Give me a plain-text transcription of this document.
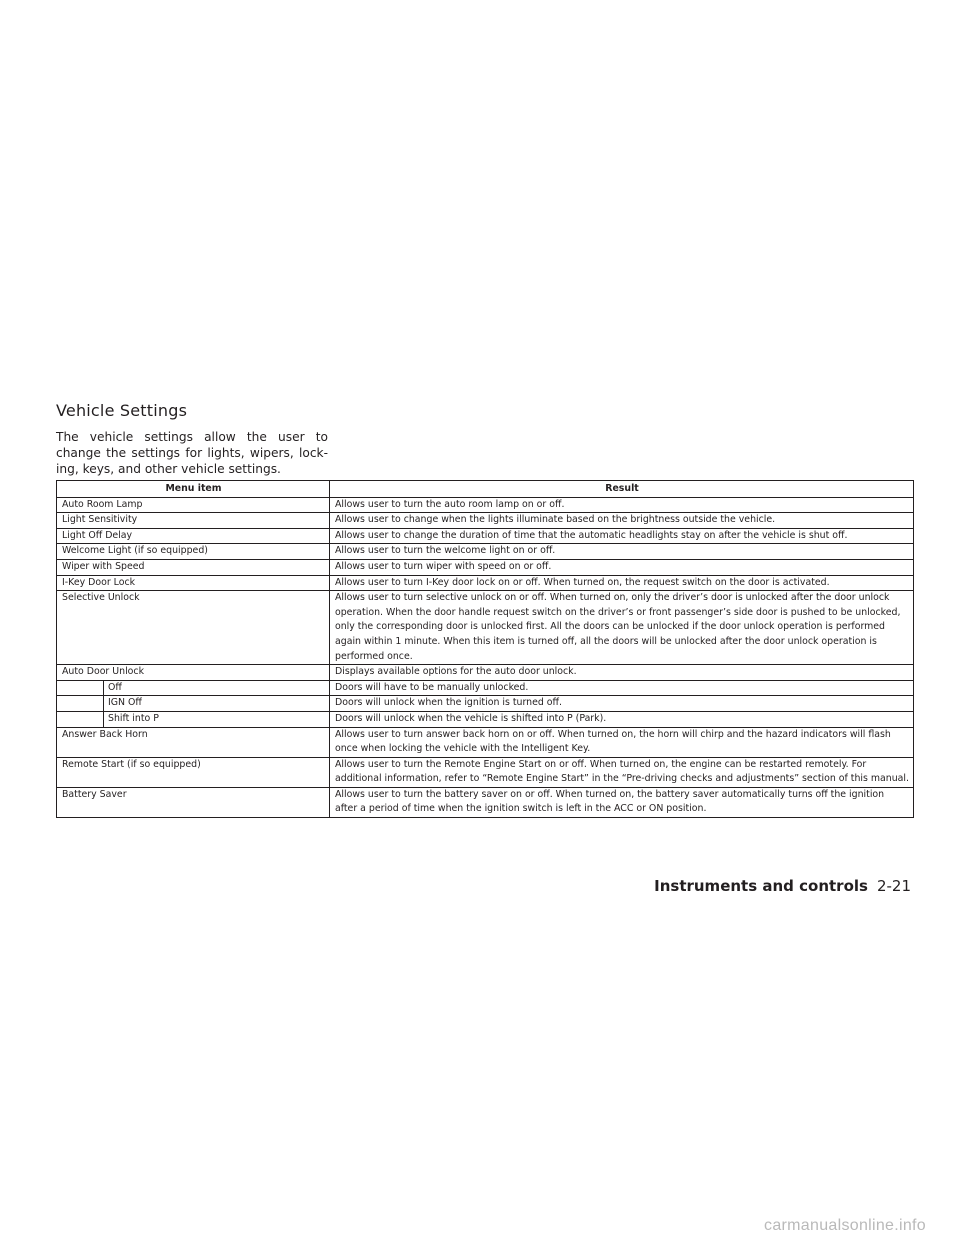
Vehicle Settings

The vehicle settings allow the user to change the settings for lights, wipers, lock-ing, keys, and other vehicle settings.

Menu item	Result
Auto Room Lamp	Allows user to turn the auto room lamp on or off.
Light Sensitivity	Allows user to change when the lights illuminate based on the brightness outside the vehicle.
Light Off Delay	Allows user to change the duration of time that the automatic headlights stay on after the vehicle is shut off.
Welcome Light (if so equipped)	Allows user to turn the welcome light on or off.
Wiper with Speed	Allows user to turn wiper with speed on or off.
I-Key Door Lock	Allows user to turn I-Key door lock on or off. When turned on, the request switch on the door is activated.
Selective Unlock	Allows user to turn selective unlock on or off. When turned on, only the driver’s door is unlocked after the door unlock operation. When the door handle request switch on the driver’s or front passenger’s side door is pushed to be unlocked, only the corresponding door is unlocked first. All the doors can be unlocked if the door unlock operation is performed again within 1 minute. When this item is turned off, all the doors will be unlocked after the door unlock operation is performed once.
Auto Door Unlock	Displays available options for the auto door unlock.

Off	Doors will have to be manually unlocked.

IGN Off	Doors will unlock when the ignition is turned off.

Shift into P	Doors will unlock when the vehicle is shifted into P (Park).
Answer Back Horn	Allows user to turn answer back horn on or off. When turned on, the horn will chirp and the hazard indicators will flash once when locking the vehicle with the Intelligent Key.
Remote Start (if so equipped)	Allows user to turn the Remote Engine Start on or off. When turned on, the engine can be restarted remotely. For additional information, refer to “Remote Engine Start” in the “Pre-driving checks and adjustments” section of this manual.
Battery Saver	Allows user to turn the battery saver on or off. When turned on, the battery saver automatically turns off the ignition after a period of time when the ignition switch is left in the ACC or ON position.
Instruments and controls 2-21
carmanualsonline.info
